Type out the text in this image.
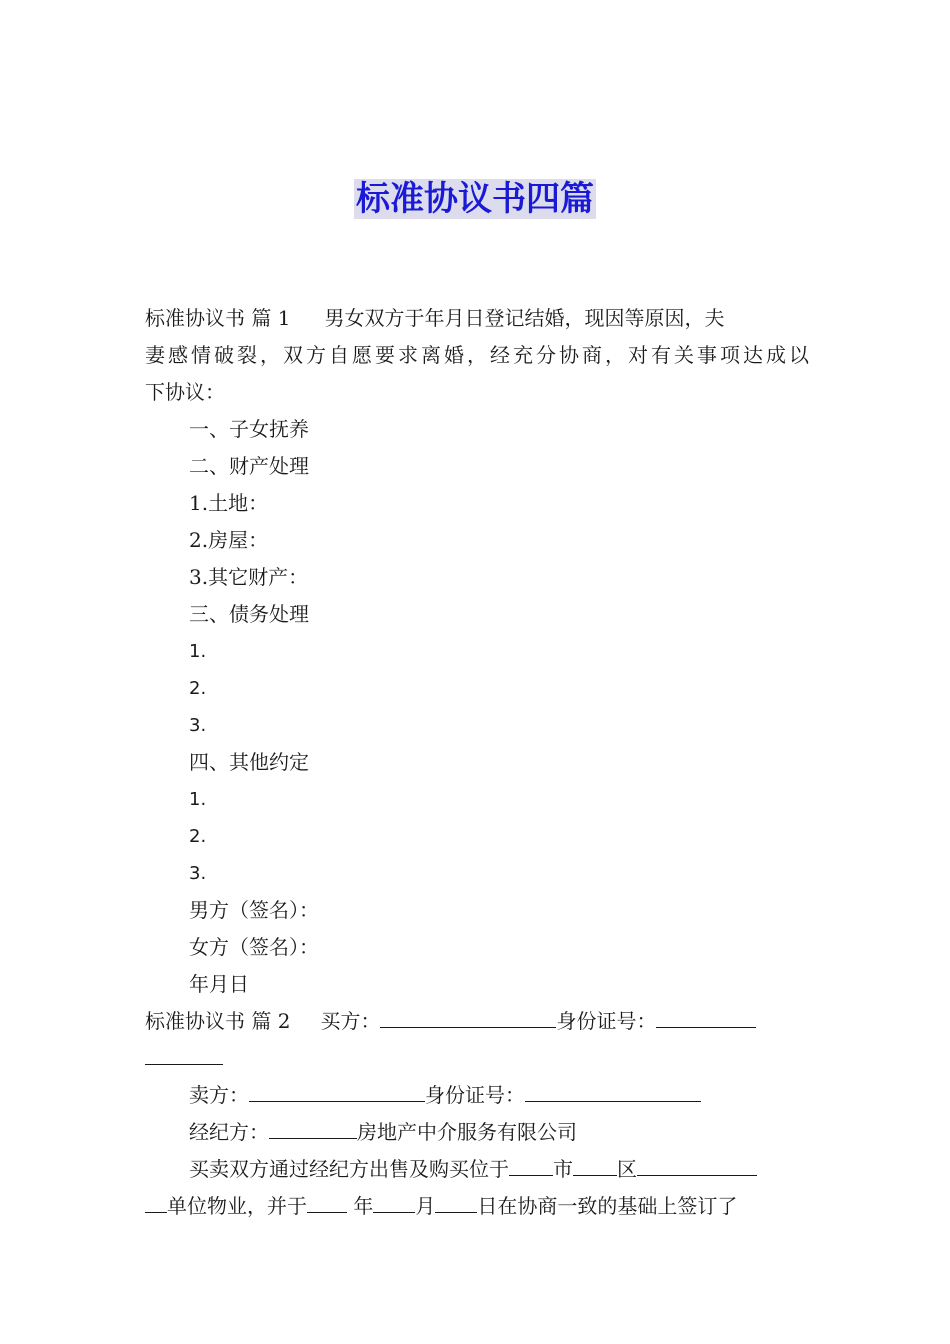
标准协议书四篇
标准协议书 篇 1 男女双方于年月日登记结婚，现因等原因，夫
妻感情破裂，双方自愿要求离婚，经充分协商，对有关事项达成以
下协议：
一、子女抚养
二、财产处理
1.土地：
2.房屋：
3.其它财产：
三、债务处理
1.
2.
3.
四、其他约定
1.
2.
3.
男方（签名）：
女方（签名）：
年月日
标准协议书 篇 2 买方：	身份证号：
卖方：	身份证号：
经纪方：	房地产中介服务有限公司
买卖双方通过经纪方出售及购买位于 市 区
单位物业，并于 年 月 日在协商一致的基础上签订了
